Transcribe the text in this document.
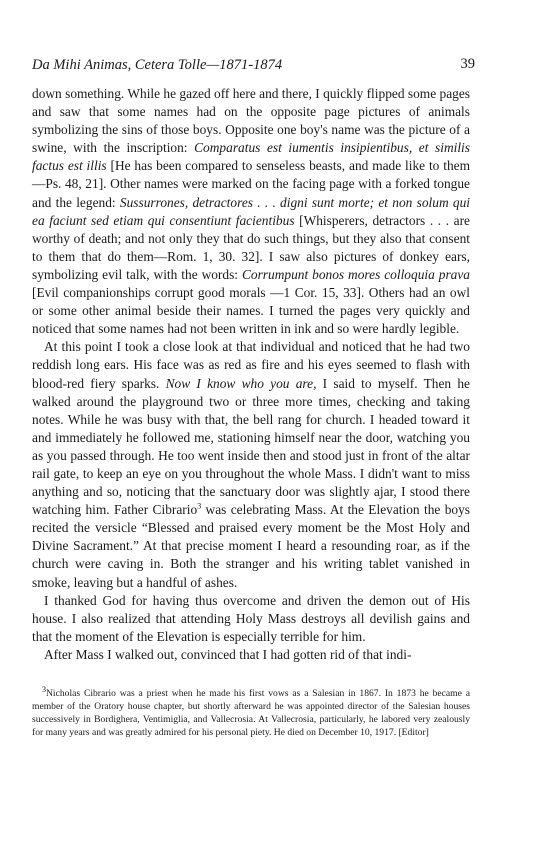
Da Mihi Animas, Cetera Tolle—1871-1874	39

down something. While he gazed off here and there, I quickly flipped some pages and saw that some names had on the opposite page pictures of animals symbolizing the sins of those boys. Opposite one boy's name was the picture of a swine, with the inscription: Comparatus est iumentis insipientibus, et similis factus est illis [He has been compared to senseless beasts, and made like to them—Ps. 48, 21]. Other names were marked on the facing page with a forked tongue and the legend: Sussurrones, detractores . . . digni sunt morte; et non solum qui ea faciunt sed etiam qui consentiunt facientibus [Whisperers, detractors . . . are worthy of death; and not only they that do such things, but they also that consent to them that do them—Rom. 1, 30. 32]. I saw also pictures of donkey ears, symbolizing evil talk, with the words: Corrumpunt bonos mores colloquia prava [Evil companionships corrupt good morals —1 Cor. 15, 33]. Others had an owl or some other animal beside their names. I turned the pages very quickly and noticed that some names had not been written in ink and so were hardly legible.

At this point I took a close look at that individual and noticed that he had two reddish long ears. His face was as red as fire and his eyes seemed to flash with blood-red fiery sparks. Now I know who you are, I said to myself. Then he walked around the playground two or three more times, checking and taking notes. While he was busy with that, the bell rang for church. I headed toward it and immediately he followed me, stationing himself near the door, watching you as you passed through. He too went inside then and stood just in front of the altar rail gate, to keep an eye on you throughout the whole Mass. I didn't want to miss anything and so, noticing that the sanctuary door was slightly ajar, I stood there watching him. Father Cibrario$^3$ was celebrating Mass. At the Elevation the boys recited the versicle “Blessed and praised every moment be the Most Holy and Divine Sacrament.” At that precise moment I heard a resounding roar, as if the church were caving in. Both the stranger and his writing tablet vanished in smoke, leaving but a handful of ashes.

I thanked God for having thus overcome and driven the demon out of His house. I also realized that attending Holy Mass destroys all devilish gains and that the moment of the Elevation is especially terrible for him.

After Mass I walked out, convinced that I had gotten rid of that indi-

$^3$Nicholas Cibrario was a priest when he made his first vows as a Salesian in 1867. In 1873 he became a member of the Oratory house chapter, but shortly afterward he was appointed director of the Salesian houses successively in Bordighera, Ventimiglia, and Vallecrosia. At Vallecrosia, particularly, he labored very zealously for many years and was greatly admired for his personal piety. He died on December 10, 1917. [Editor]
